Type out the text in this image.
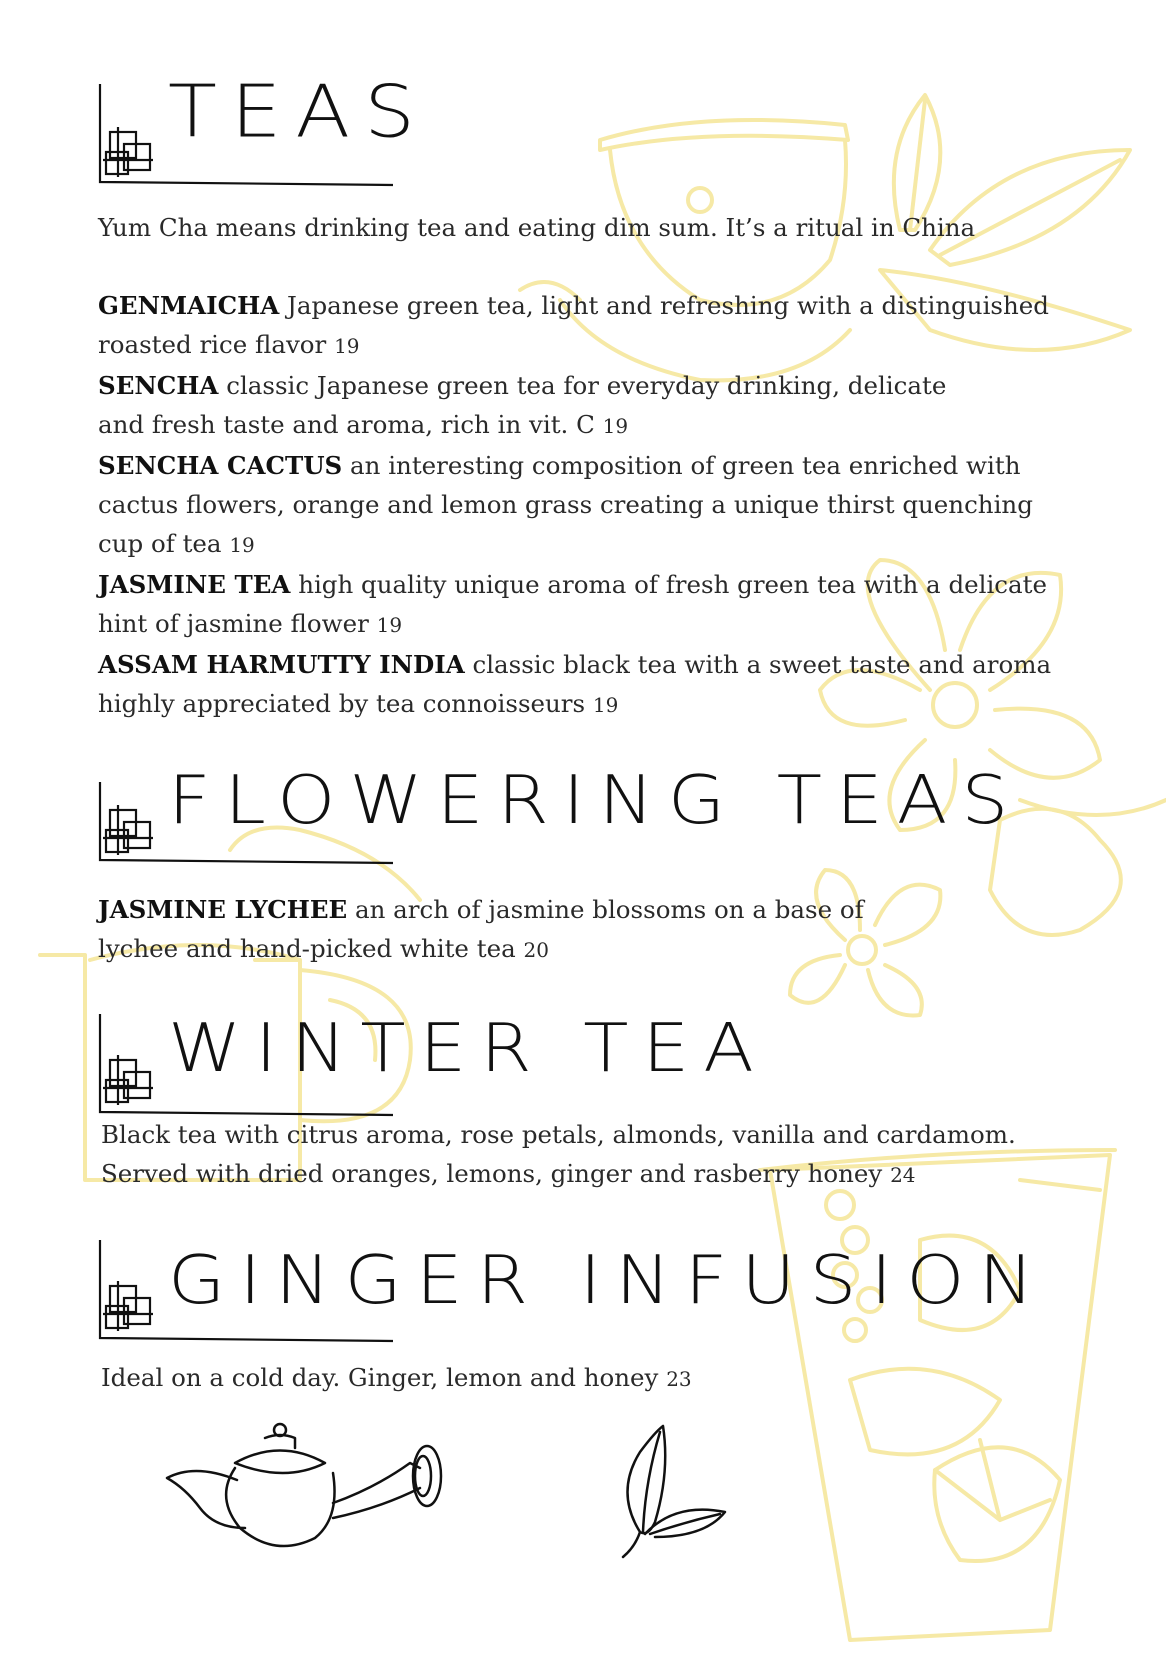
TEAS

Yum Cha means drinking tea and eating dim sum. It’s a ritual in China

GENMAICHA Japanese green tea, light and refreshing with a distinguished roasted rice flavor 19

SENCHA classic Japanese green tea for everyday drinking, delicate and fresh taste and aroma, rich in vit. C 19

SENCHA CACTUS an interesting composition of green tea enriched with cactus flowers, orange and lemon grass creating a unique thirst quenching cup of tea 19

JASMINE TEA high quality unique aroma of fresh green tea with a delicate hint of jasmine flower 19

ASSAM HARMUTTY INDIA classic black tea with a sweet taste and aroma highly appreciated by tea connoisseurs 19

FLOWERING TEAS

JASMINE LYCHEE an arch of jasmine blossoms on a base of lychee and hand-picked white tea 20

WINTER TEA

Black tea with citrus aroma, rose petals, almonds, vanilla and cardamom. Served with dried oranges, lemons, ginger and rasberry honey 24

GINGER INFUSION

Ideal on a cold day. Ginger, lemon and honey 23
